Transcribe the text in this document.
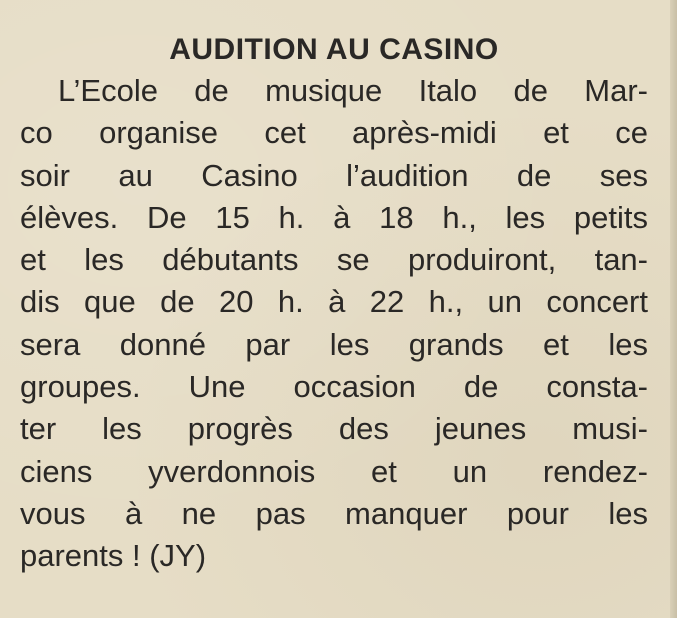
AUDITION AU CASINO
L’Ecole de musique Italo de Mar-
co organise cet après-midi et ce
soir au Casino l’audition de ses
élèves. De 15 h. à 18 h., les petits
et les débutants se produiront, tan-
dis que de 20 h. à 22 h., un concert
sera donné par les grands et les
groupes. Une occasion de consta-
ter les progrès des jeunes musi-
ciens yverdonnois et un rendez-
vous à ne pas manquer pour les
parents ! (JY)
